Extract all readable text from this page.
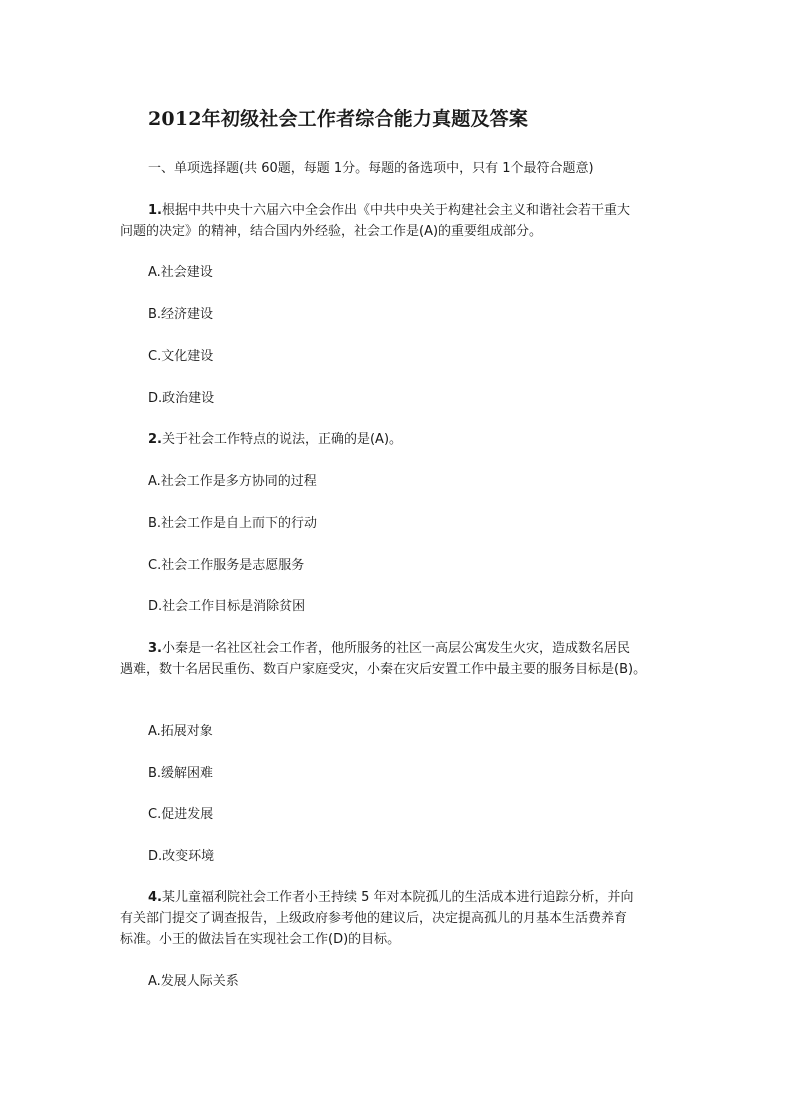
2012年初级社会工作者综合能力真题及答案
一、单项选择题(共 60题，每题 1分。每题的备选项中，只有 1个最符合题意)
1.根据中共中央十六届六中全会作出《中共中央关于构建社会主义和谐社会若干重大
问题的决定》的精神，结合国内外经验，社会工作是(A)的重要组成部分。
A.社会建设
B.经济建设
C.文化建设
D.政治建设
2.关于社会工作特点的说法，正确的是(A)。
A.社会工作是多方协同的过程
B.社会工作是自上而下的行动
C.社会工作服务是志愿服务
D.社会工作目标是消除贫困
3.小秦是一名社区社会工作者，他所服务的社区一高层公寓发生火灾，造成数名居民
遇难，数十名居民重伤、数百户家庭受灾，小秦在灾后安置工作中最主要的服务目标是(B)。
A.拓展对象
B.缓解困难
C.促进发展
D.改变环境
4.某儿童福利院社会工作者小王持续 5 年对本院孤儿的生活成本进行追踪分析，并向
有关部门提交了调查报告，上级政府参考他的建议后，决定提高孤儿的月基本生活费养育
标准。小王的做法旨在实现社会工作(D)的目标。
A.发展人际关系
